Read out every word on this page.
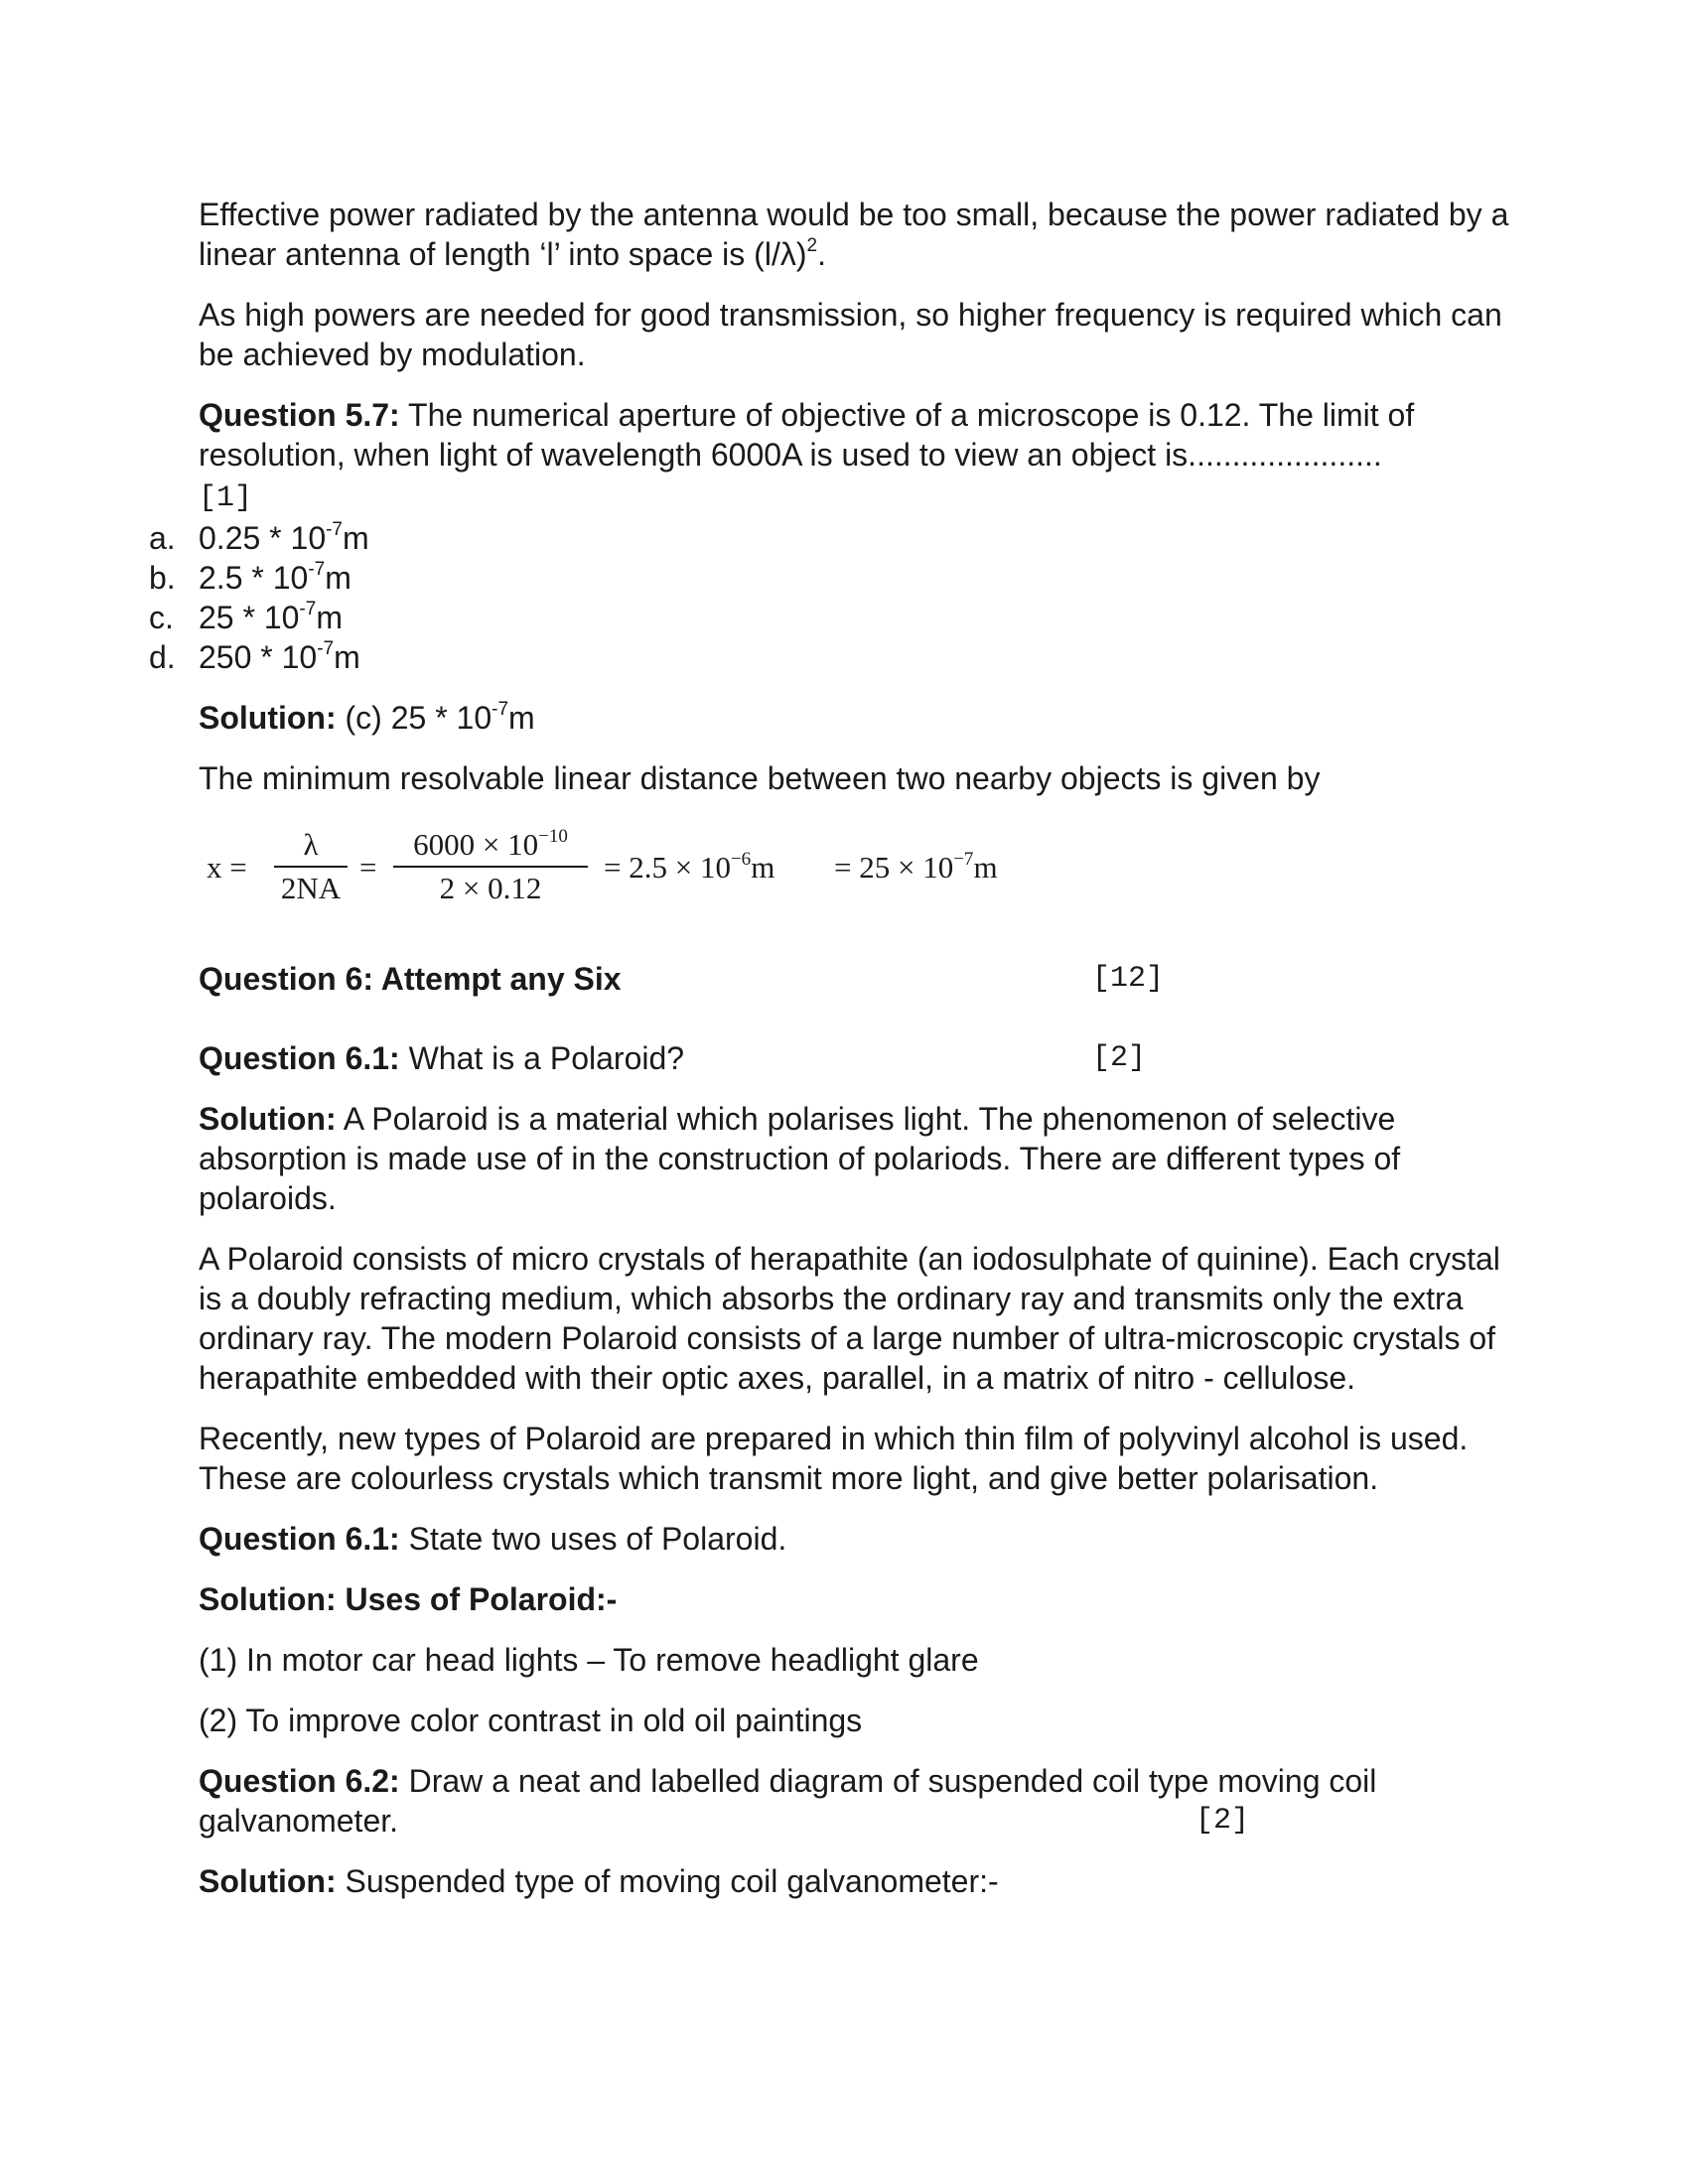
Effective power radiated by the antenna would be too small, because the power radiated by a linear antenna of length ‘l’ into space is $(l/\lambda)^2$.

As high powers are needed for good transmission, so higher frequency is required which can be achieved by modulation.

Question 5.7: The numerical aperture of objective of a microscope is 0.12. The limit of resolution, when light of wavelength 6000A is used to view an object is......................
[1]

a. $0.25 * 10^{-7}m$
b. $2.5 * 10^{-7}m$
c. $25 * 10^{-7}m$
d. $250 * 10^{-7}m$

Solution: (c) $25 * 10^{-7}m$

The minimum resolvable linear distance between two nearby objects is given by

x =
λ
2NA
=
$6000 \times 10^{-10}$
2 × 0.12
= $2.5 \times 10^{-6}m = 25 \times 10^{-7}m$

Question 6: Attempt any Six	[12]

Question 6.1: What is a Polaroid?	[2]

Solution: A Polaroid is a material which polarises light. The phenomenon of selective absorption is made use of in the construction of polariods. There are different types of polaroids.

A Polaroid consists of micro crystals of herapathite (an iodosulphate of quinine). Each crystal is a doubly refracting medium, which absorbs the ordinary ray and transmits only the extra ordinary ray. The modern Polaroid consists of a large number of ultra-microscopic crystals of herapathite embedded with their optic axes, parallel, in a matrix of nitro - cellulose.

Recently, new types of Polaroid are prepared in which thin film of polyvinyl alcohol is used. These are colourless crystals which transmit more light, and give better polarisation.

Question 6.1: State two uses of Polaroid.

Solution: Uses of Polaroid:-

(1) In motor car head lights – To remove headlight glare

(2) To improve color contrast in old oil paintings

Question 6.2: Draw a neat and labelled diagram of suspended coil type moving coil galvanometer.	[2]

Solution: Suspended type of moving coil galvanometer:-
